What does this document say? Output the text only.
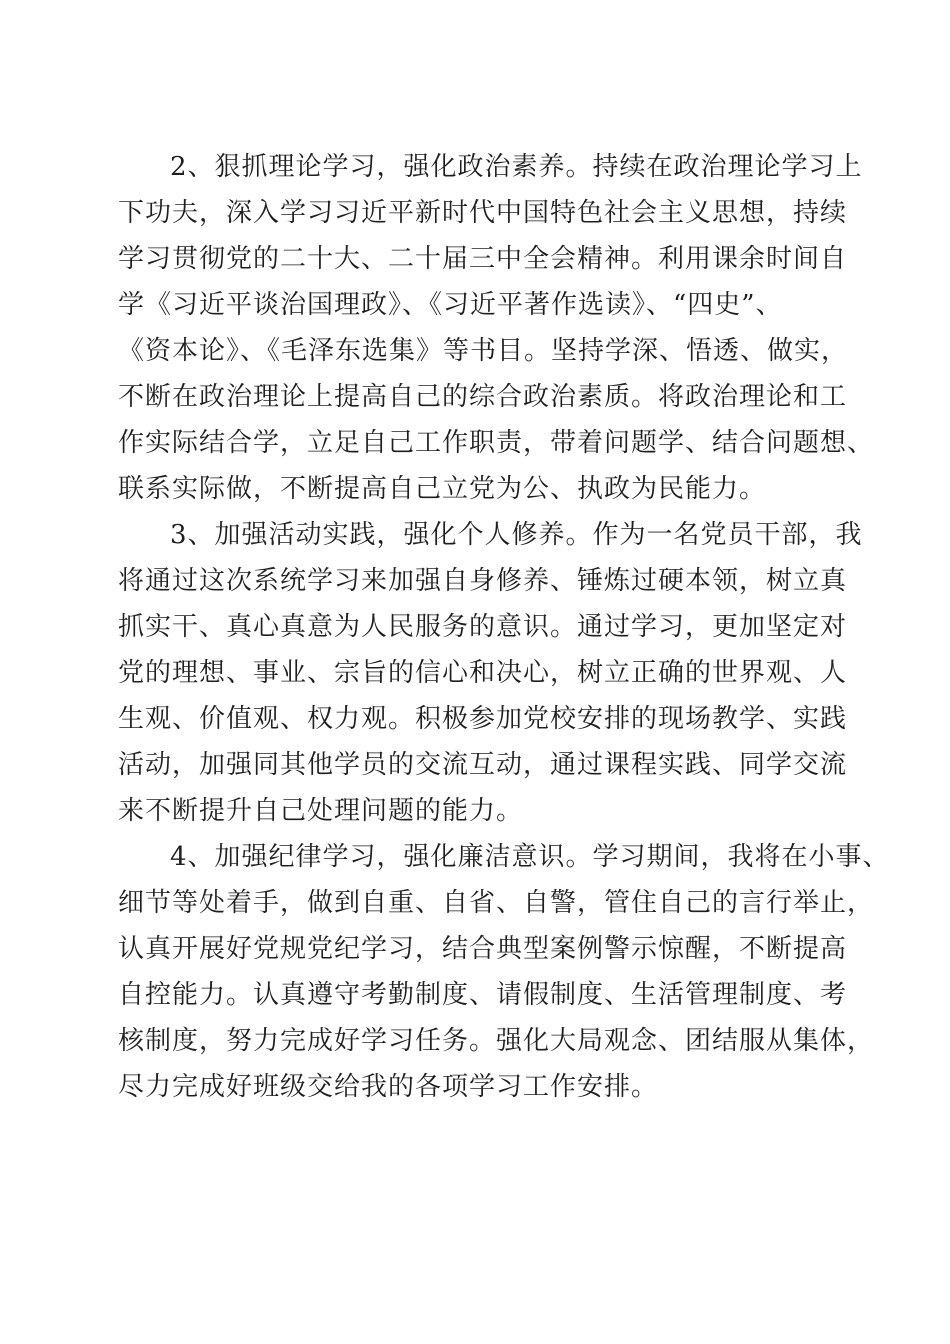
2、狠抓理论学习，强化政治素养。持续在政治理论学习上
下功夫，深入学习习近平新时代中国特色社会主义思想，持续
学习贯彻党的二十大、二十届三中全会精神。利用课余时间自
学《习近平谈治国理政》、《习近平著作选读》、“四史”、
《资本论》、《毛泽东选集》等书目。坚持学深、悟透、做实，
不断在政治理论上提高自己的综合政治素质。将政治理论和工
作实际结合学，立足自己工作职责，带着问题学、结合问题想、
联系实际做，不断提高自己立党为公、执政为民能力。
3、加强活动实践，强化个人修养。作为一名党员干部，我
将通过这次系统学习来加强自身修养、锤炼过硬本领，树立真
抓实干、真心真意为人民服务的意识。通过学习，更加坚定对
党的理想、事业、宗旨的信心和决心，树立正确的世界观、人
生观、价值观、权力观。积极参加党校安排的现场教学、实践
活动，加强同其他学员的交流互动，通过课程实践、同学交流
来不断提升自己处理问题的能力。
4、加强纪律学习，强化廉洁意识。学习期间，我将在小事、
细节等处着手，做到自重、自省、自警，管住自己的言行举止，
认真开展好党规党纪学习，结合典型案例警示惊醒，不断提高
自控能力。认真遵守考勤制度、请假制度、生活管理制度、考
核制度，努力完成好学习任务。强化大局观念、团结服从集体，
尽力完成好班级交给我的各项学习工作安排。
